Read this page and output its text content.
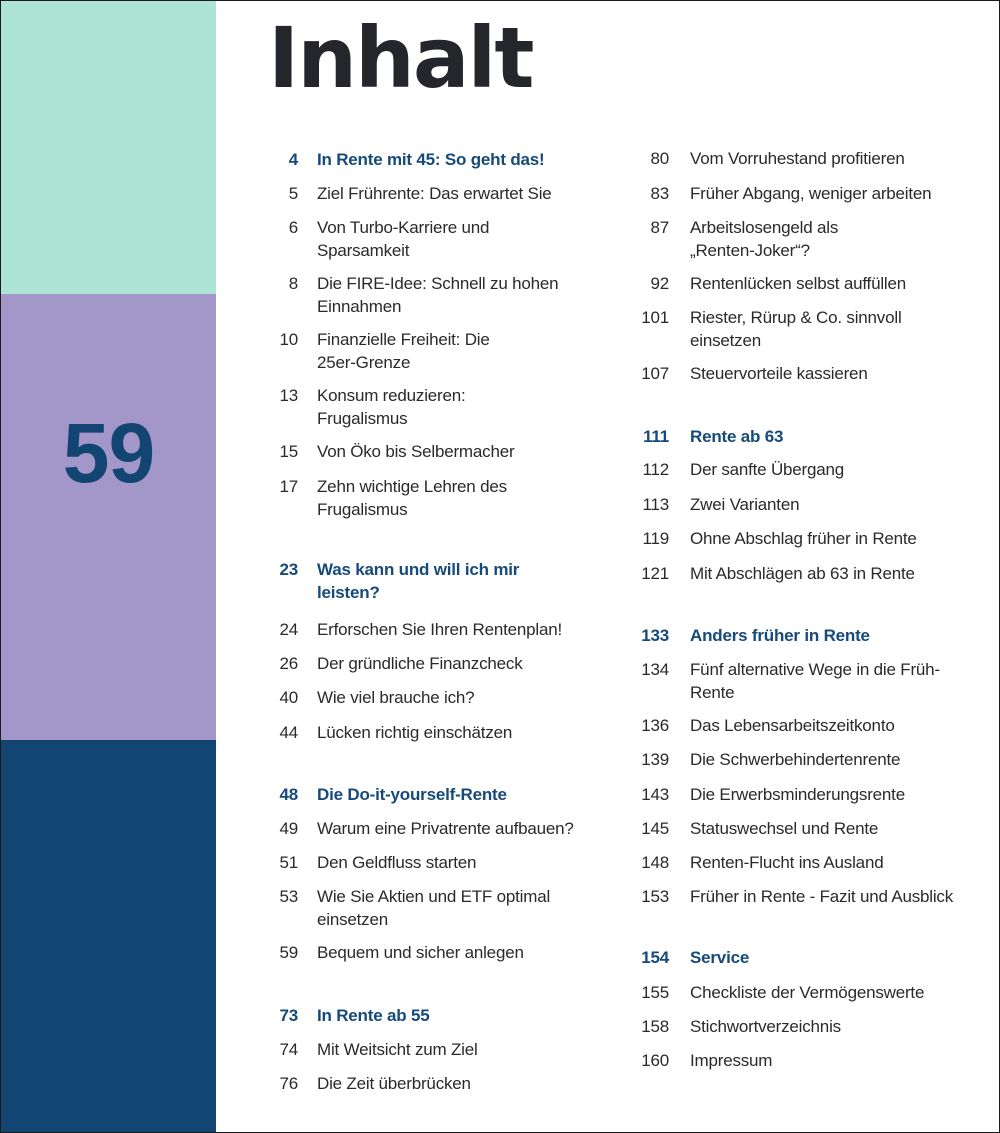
59
Inhalt
4 In Rente mit 45: So geht das!
5 Ziel Frührente: Das erwartet Sie
6 Von Turbo-Karriere und Sparsamkeit
8 Die FIRE-Idee: Schnell zu hohen Einnahmen
10 Finanzielle Freiheit: Die 25er-Grenze
13 Konsum reduzieren: Frugalismus
15 Von Öko bis Selbermacher
17 Zehn wichtige Lehren des Frugalismus
23 Was kann und will ich mir leisten?
24 Erforschen Sie Ihren Rentenplan!
26 Der gründliche Finanzcheck
40 Wie viel brauche ich?
44 Lücken richtig einschätzen
48 Die Do-it-yourself-Rente
49 Warum eine Privatrente aufbauen?
51 Den Geldfluss starten
53 Wie Sie Aktien und ETF optimal einsetzen
59 Bequem und sicher anlegen
73 In Rente ab 55
74 Mit Weitsicht zum Ziel
76 Die Zeit überbrücken
80 Vom Vorruhestand profitieren
83 Früher Abgang, weniger arbeiten
87 Arbeitslosengeld als „Renten-Joker“?
92 Rentenlücken selbst auffüllen
101 Riester, Rürup & Co. sinnvoll einsetzen
107 Steuervorteile kassieren
111 Rente ab 63
112 Der sanfte Übergang
113 Zwei Varianten
119 Ohne Abschlag früher in Rente
121 Mit Abschlägen ab 63 in Rente
133 Anders früher in Rente
134 Fünf alternative Wege in die Früh-Rente
136 Das Lebensarbeitszeitkonto
139 Die Schwerbehindertenrente
143 Die Erwerbsminderungsrente
145 Statuswechsel und Rente
148 Renten-Flucht ins Ausland
153 Früher in Rente - Fazit und Ausblick
154 Service
155 Checkliste der Vermögenswerte
158 Stichwortverzeichnis
160 Impressum
